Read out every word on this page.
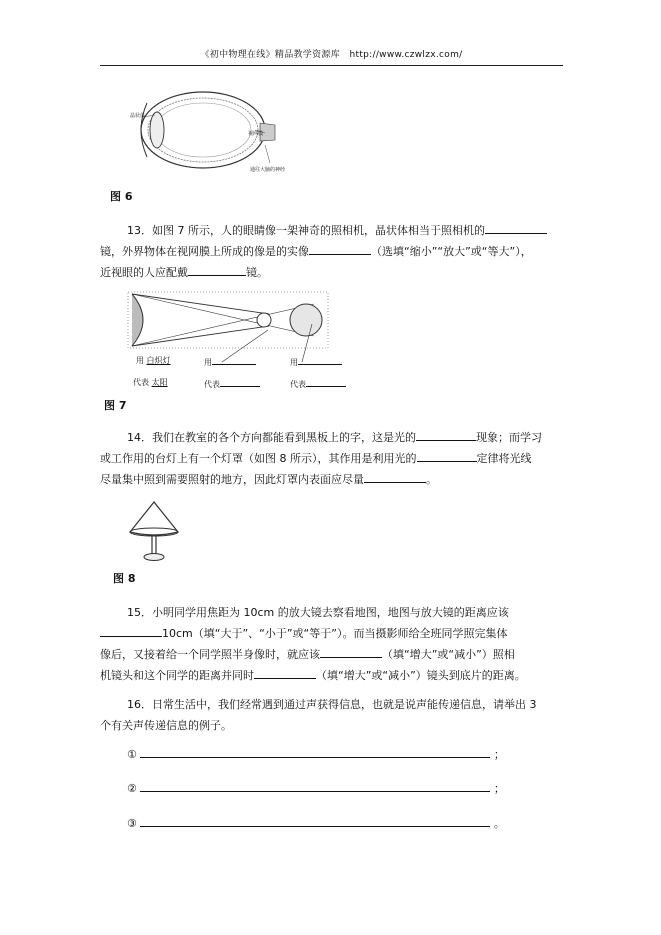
《初中物理在线》精品教学资源库 http://www.czwlzx.com/
晶状体
视网膜
通往大脑的神经
图 6
13．如图 7 所示，人的眼睛像一架神奇的照相机，晶状体相当于照相机的
镜，外界物体在视网膜上所成的像是的实像	（选填“缩小”“放大”或“等大”），
近视眼的人应配戴	镜。
用 白炽灯	用	用
代表 太阳	代表	代表
图 7
14．我们在教室的各个方向都能看到黑板上的字，这是光的	现象；而学习
或工作用的台灯上有一个灯罩（如图 8 所示），其作用是利用光的	定律将光线
尽量集中照到需要照射的地方，因此灯罩内表面应尽量	。
图 8
15．小明同学用焦距为 10cm 的放大镜去察看地图，地图与放大镜的距离应该
10cm（填“大于”、“小于”或“等于”）。而当摄影师给全班同学照完集体
像后，又接着给一个同学照半身像时，就应该	（填“增大”或“减小”）照相
机镜头和这个同学的距离并同时	（填“增大”或“减小”）镜头到底片的距离。
16．日常生活中，我们经常遇到通过声获得信息，也就是说声能传递信息，请举出 3
个有关声传递信息的例子。
①	；
②	；
③	。
